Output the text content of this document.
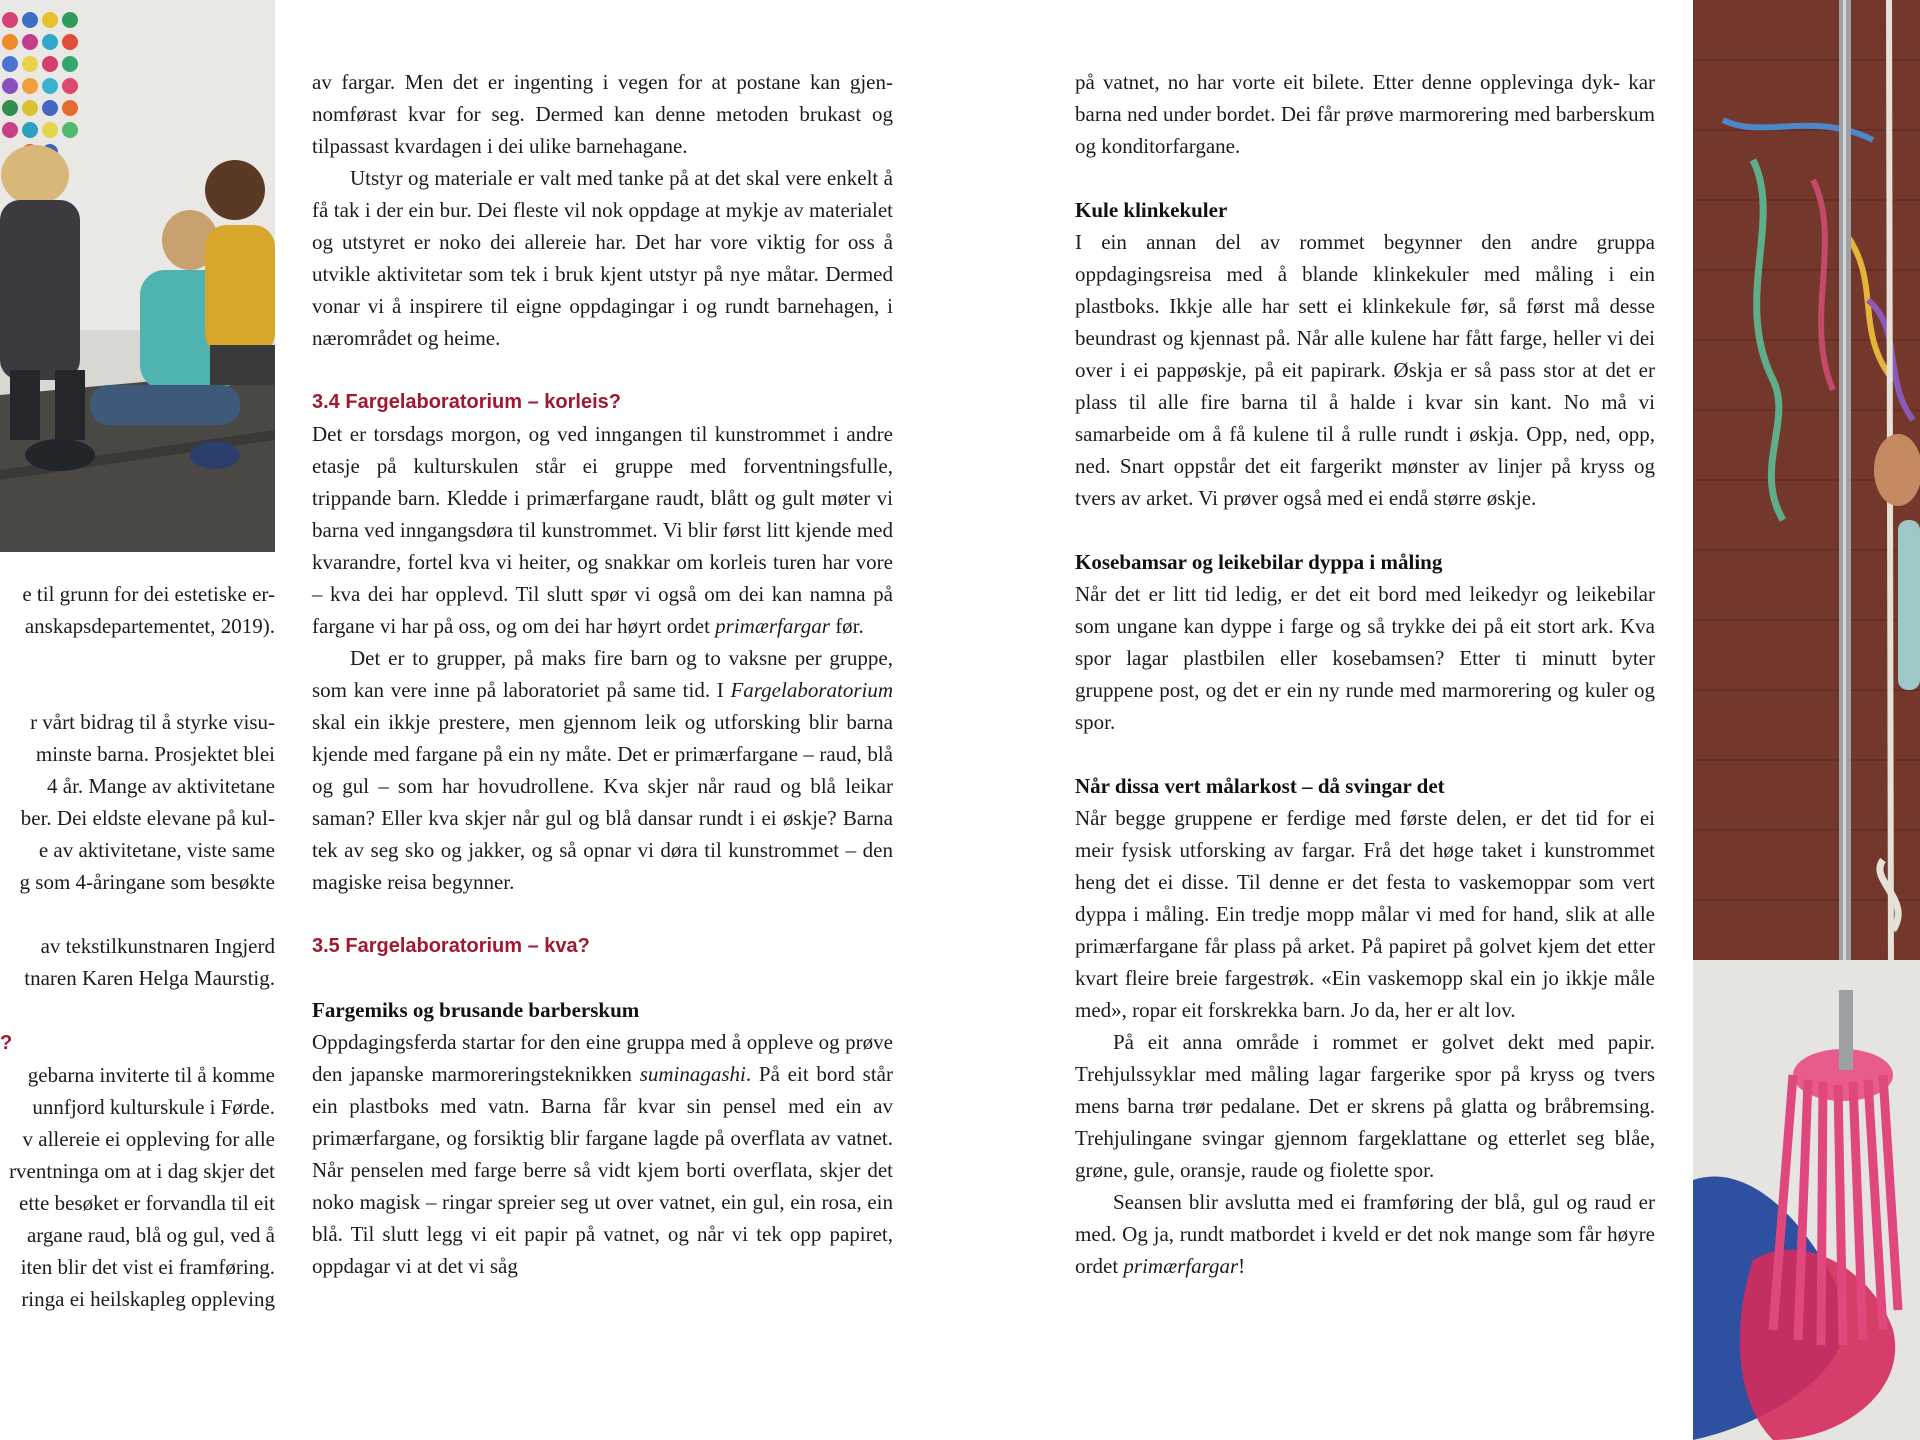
e til grunn for dei estetiske er-
anskapsdepartementet, 2019).

r vårt bidrag til å styrke visu-
minste barna. Prosjektet blei
4 år. Mange av aktivitetane
ber. Dei eldste elevane på kul-
e av aktivitetane, viste same
g som 4-åringane som besøkte

av tekstilkunstnaren Ingjerd
tnaren Karen Helga Maurstig.

?
gebarna inviterte til å komme
unnfjord kulturskule i Førde.
v allereie ei oppleving for alle
rventninga om at i dag skjer det
ette besøket er forvandla til eit
argane raud, blå og gul, ved å
iten blir det vist ei framføring.
ringa ei heilskapleg oppleving

av fargar. Men det er ingenting i vegen for at postane kan gjen- nomførast kvar for seg. Dermed kan denne metoden brukast og tilpassast kvardagen i dei ulike barnehagane.

Utstyr og materiale er valt med tanke på at det skal vere enkelt å få tak i der ein bur. Dei fleste vil nok oppdage at mykje av materialet og utstyret er noko dei allereie har. Det har vore viktig for oss å utvikle aktivitetar som tek i bruk kjent utstyr på nye måtar. Dermed vonar vi å inspirere til eigne oppdagingar i og rundt barnehagen, i nærområdet og heime.

3.4 Fargelaboratorium – korleis?

Det er torsdags morgon, og ved inngangen til kunstrommet i andre etasje på kulturskulen står ei gruppe med forventningsfulle, trippande barn. Kledde i primærfargane raudt, blått og gult møter vi barna ved inngangsdøra til kunstrommet. Vi blir først litt kjende med kvarandre, fortel kva vi heiter, og snakkar om korleis turen har vore – kva dei har opplevd. Til slutt spør vi også om dei kan namna på fargane vi har på oss, og om dei har høyrt ordet primærfargar før.

Det er to grupper, på maks fire barn og to vaksne per gruppe, som kan vere inne på laboratoriet på same tid. I Fargelaboratorium skal ein ikkje prestere, men gjennom leik og utforsking blir barna kjende med fargane på ein ny måte. Det er primærfargane – raud, blå og gul – som har hovudrollene. Kva skjer når raud og blå leikar saman? Eller kva skjer når gul og blå dansar rundt i ei øskje? Barna tek av seg sko og jakker, og så opnar vi døra til kunstrommet – den magiske reisa begynner.

3.5 Fargelaboratorium – kva?
Fargemiks og brusande barberskum

Oppdagingsferda startar for den eine gruppa med å oppleve og prøve den japanske marmoreringsteknikken suminagashi. På eit bord står ein plastboks med vatn. Barna får kvar sin pensel med ein av primærfargane, og forsiktig blir fargane lagde på overflata av vatnet. Når penselen med farge berre så vidt kjem borti overflata, skjer det noko magisk – ringar spreier seg ut over vatnet, ein gul, ein rosa, ein blå. Til slutt legg vi eit papir på vatnet, og når vi tek opp papiret, oppdagar vi at det vi såg

på vatnet, no har vorte eit bilete. Etter denne opplevinga dyk- kar barna ned under bordet. Dei får prøve marmorering med barberskum og konditorfargane.

Kule klinkekuler

I ein annan del av rommet begynner den andre gruppa oppdagingsreisa med å blande klinkekuler med måling i ein plastboks. Ikkje alle har sett ei klinkekule før, så først må desse beundrast og kjennast på. Når alle kulene har fått farge, heller vi dei over i ei pappøskje, på eit papirark. Øskja er så pass stor at det er plass til alle fire barna til å halde i kvar sin kant. No må vi samarbeide om å få kulene til å rulle rundt i øskja. Opp, ned, opp, ned. Snart oppstår det eit fargerikt mønster av linjer på kryss og tvers av arket. Vi prøver også med ei endå større øskje.

Kosebamsar og leikebilar dyppa i måling

Når det er litt tid ledig, er det eit bord med leikedyr og leikebilar som ungane kan dyppe i farge og så trykke dei på eit stort ark. Kva spor lagar plastbilen eller kosebamsen? Etter ti minutt byter gruppene post, og det er ein ny runde med marmorering og kuler og spor.

Når dissa vert målarkost – då svingar det

Når begge gruppene er ferdige med første delen, er det tid for ei meir fysisk utforsking av fargar. Frå det høge taket i kunstrommet heng det ei disse. Til denne er det festa to vaskemoppar som vert dyppa i måling. Ein tredje mopp målar vi med for hand, slik at alle primærfargane får plass på arket. På papiret på golvet kjem det etter kvart fleire breie fargestrøk. «Ein vaskemopp skal ein jo ikkje måle med», ropar eit forskrekka barn. Jo da, her er alt lov.

På eit anna område i rommet er golvet dekt med papir. Trehjulssyklar med måling lagar fargerike spor på kryss og tvers mens barna trør pedalane. Det er skrens på glatta og bråbremsing. Trehjulingane svingar gjennom fargeklattane og etterlet seg blåe, grøne, gule, oransje, raude og fiolette spor.

Seansen blir avslutta med ei framføring der blå, gul og raud er med. Og ja, rundt matbordet i kveld er det nok mange som får høyre ordet primærfargar!
